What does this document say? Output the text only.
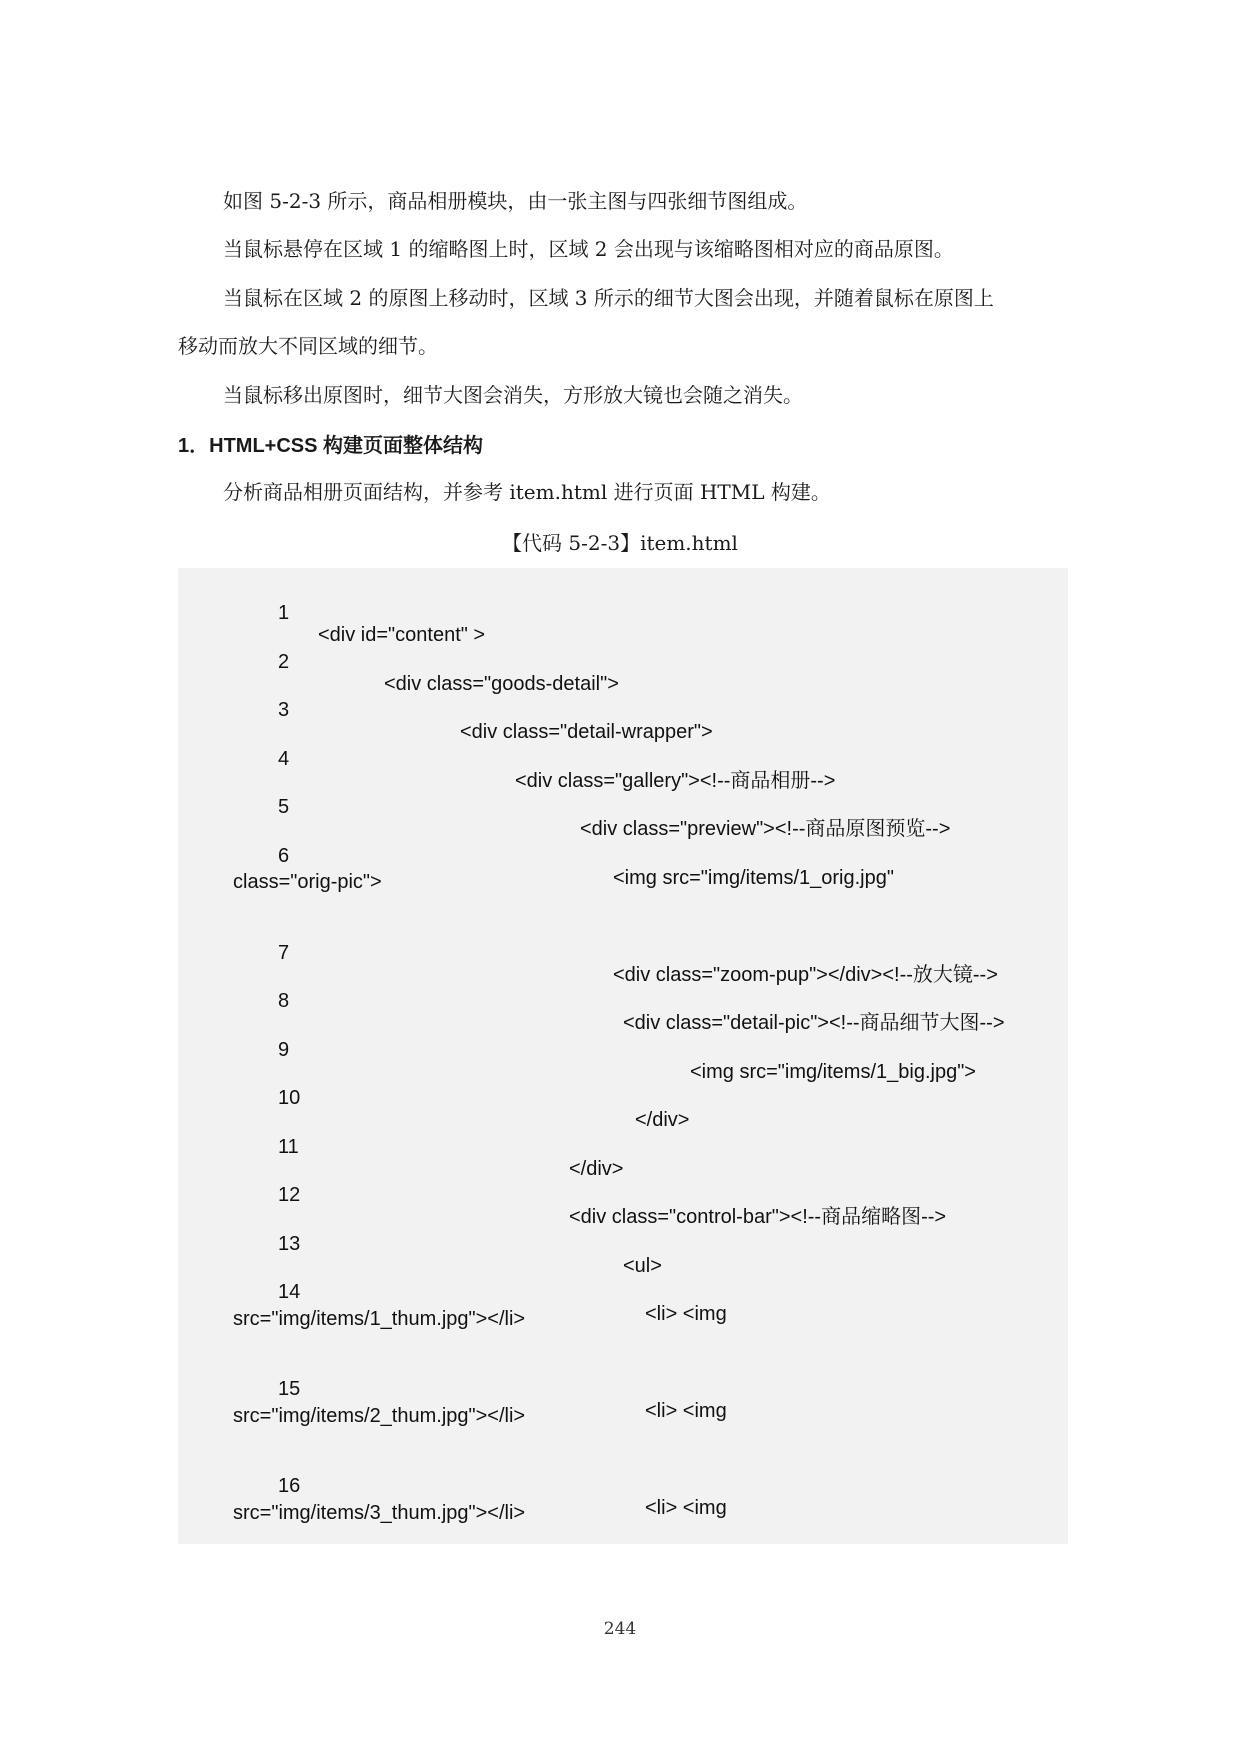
如图 5-2-3 所示，商品相册模块，由一张主图与四张细节图组成。

当鼠标悬停在区域 1 的缩略图上时，区域 2 会出现与该缩略图相对应的商品原图。

当鼠标在区域 2 的原图上移动时，区域 3 所示的细节大图会出现，并随着鼠标在原图上

移动而放大不同区域的细节。

当鼠标移出原图时，细节大图会消失，方形放大镜也会随之消失。

1．HTML+CSS 构建页面整体结构

分析商品相册页面结构，并参考 item.html 进行页面 HTML 构建。

【代码 5-2-3】item.html

1

<div id="content" >

2

<div class="goods-detail">

3

<div class="detail-wrapper">

4

<div class="gallery"><!--商品相册-->

5

<div class="preview"><!--商品原图预览-->

6

<img src="img/items/1_orig.jpg"

class="orig-pic">

7

<div class="zoom-pup"></div><!--放大镜-->

8

<div class="detail-pic"><!--商品细节大图-->

9

<img src="img/items/1_big.jpg">

10

</div>

11

</div>

12

<div class="control-bar"><!--商品缩略图-->

13

<ul>

14

<li> <img

src="img/items/1_thum.jpg"></li>

15

<li> <img

src="img/items/2_thum.jpg"></li>

16

<li> <img

src="img/items/3_thum.jpg"></li>

244
